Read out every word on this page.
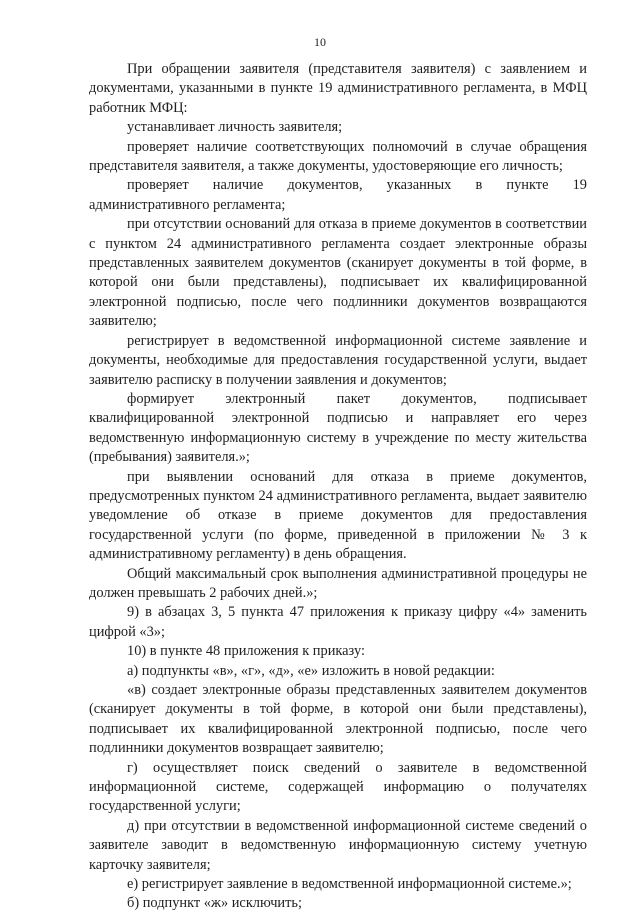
10

При обращении заявителя (представителя заявителя) с заявлением и документами, указанными в пункте 19 административного регламента, в МФЦ работник МФЦ:

устанавливает личность заявителя;

проверяет наличие соответствующих полномочий в случае обращения представителя заявителя, а также документы, удостоверяющие его личность;

проверяет наличие документов, указанных в пункте 19 административного регламента;

при отсутствии оснований для отказа в приеме документов в соответствии с пунктом 24 административного регламента создает электронные образы представленных заявителем документов (сканирует документы в той форме, в которой они были представлены), подписывает их квалифицированной электронной подписью, после чего подлинники документов возвращаются заявителю;

регистрирует в ведомственной информационной системе заявление и документы, необходимые для предоставления государственной услуги, выдает заявителю расписку в получении заявления и документов;

формирует электронный пакет документов, подписывает квалифицированной электронной подписью и направляет его через ведомственную информационную систему в учреждение по месту жительства (пребывания) заявителя.»;

при выявлении оснований для отказа в приеме документов, предусмотренных пунктом 24 административного регламента, выдает заявителю уведомление об отказе в приеме документов для предоставления государственной услуги (по форме, приведенной в приложении № 3 к административному регламенту) в день обращения.

Общий максимальный срок выполнения административной процедуры не должен превышать 2 рабочих дней.»;

9) в абзацах 3, 5 пункта 47 приложения к приказу цифру «4» заменить цифрой «3»;

10) в пункте 48 приложения к приказу:

а) подпункты «в», «г», «д», «е» изложить в новой редакции:

«в) создает электронные образы представленных заявителем документов (сканирует документы в той форме, в которой они были представлены), подписывает их квалифицированной электронной подписью, после чего подлинники документов возвращает заявителю;

г) осуществляет поиск сведений о заявителе в ведомственной информационной системе, содержащей информацию о получателях государственной услуги;

д) при отсутствии в ведомственной информационной системе сведений о заявителе заводит в ведомственную информационную систему учетную карточку заявителя;

е) регистрирует заявление в ведомственной информационной системе.»;

б) подпункт «ж» исключить;
